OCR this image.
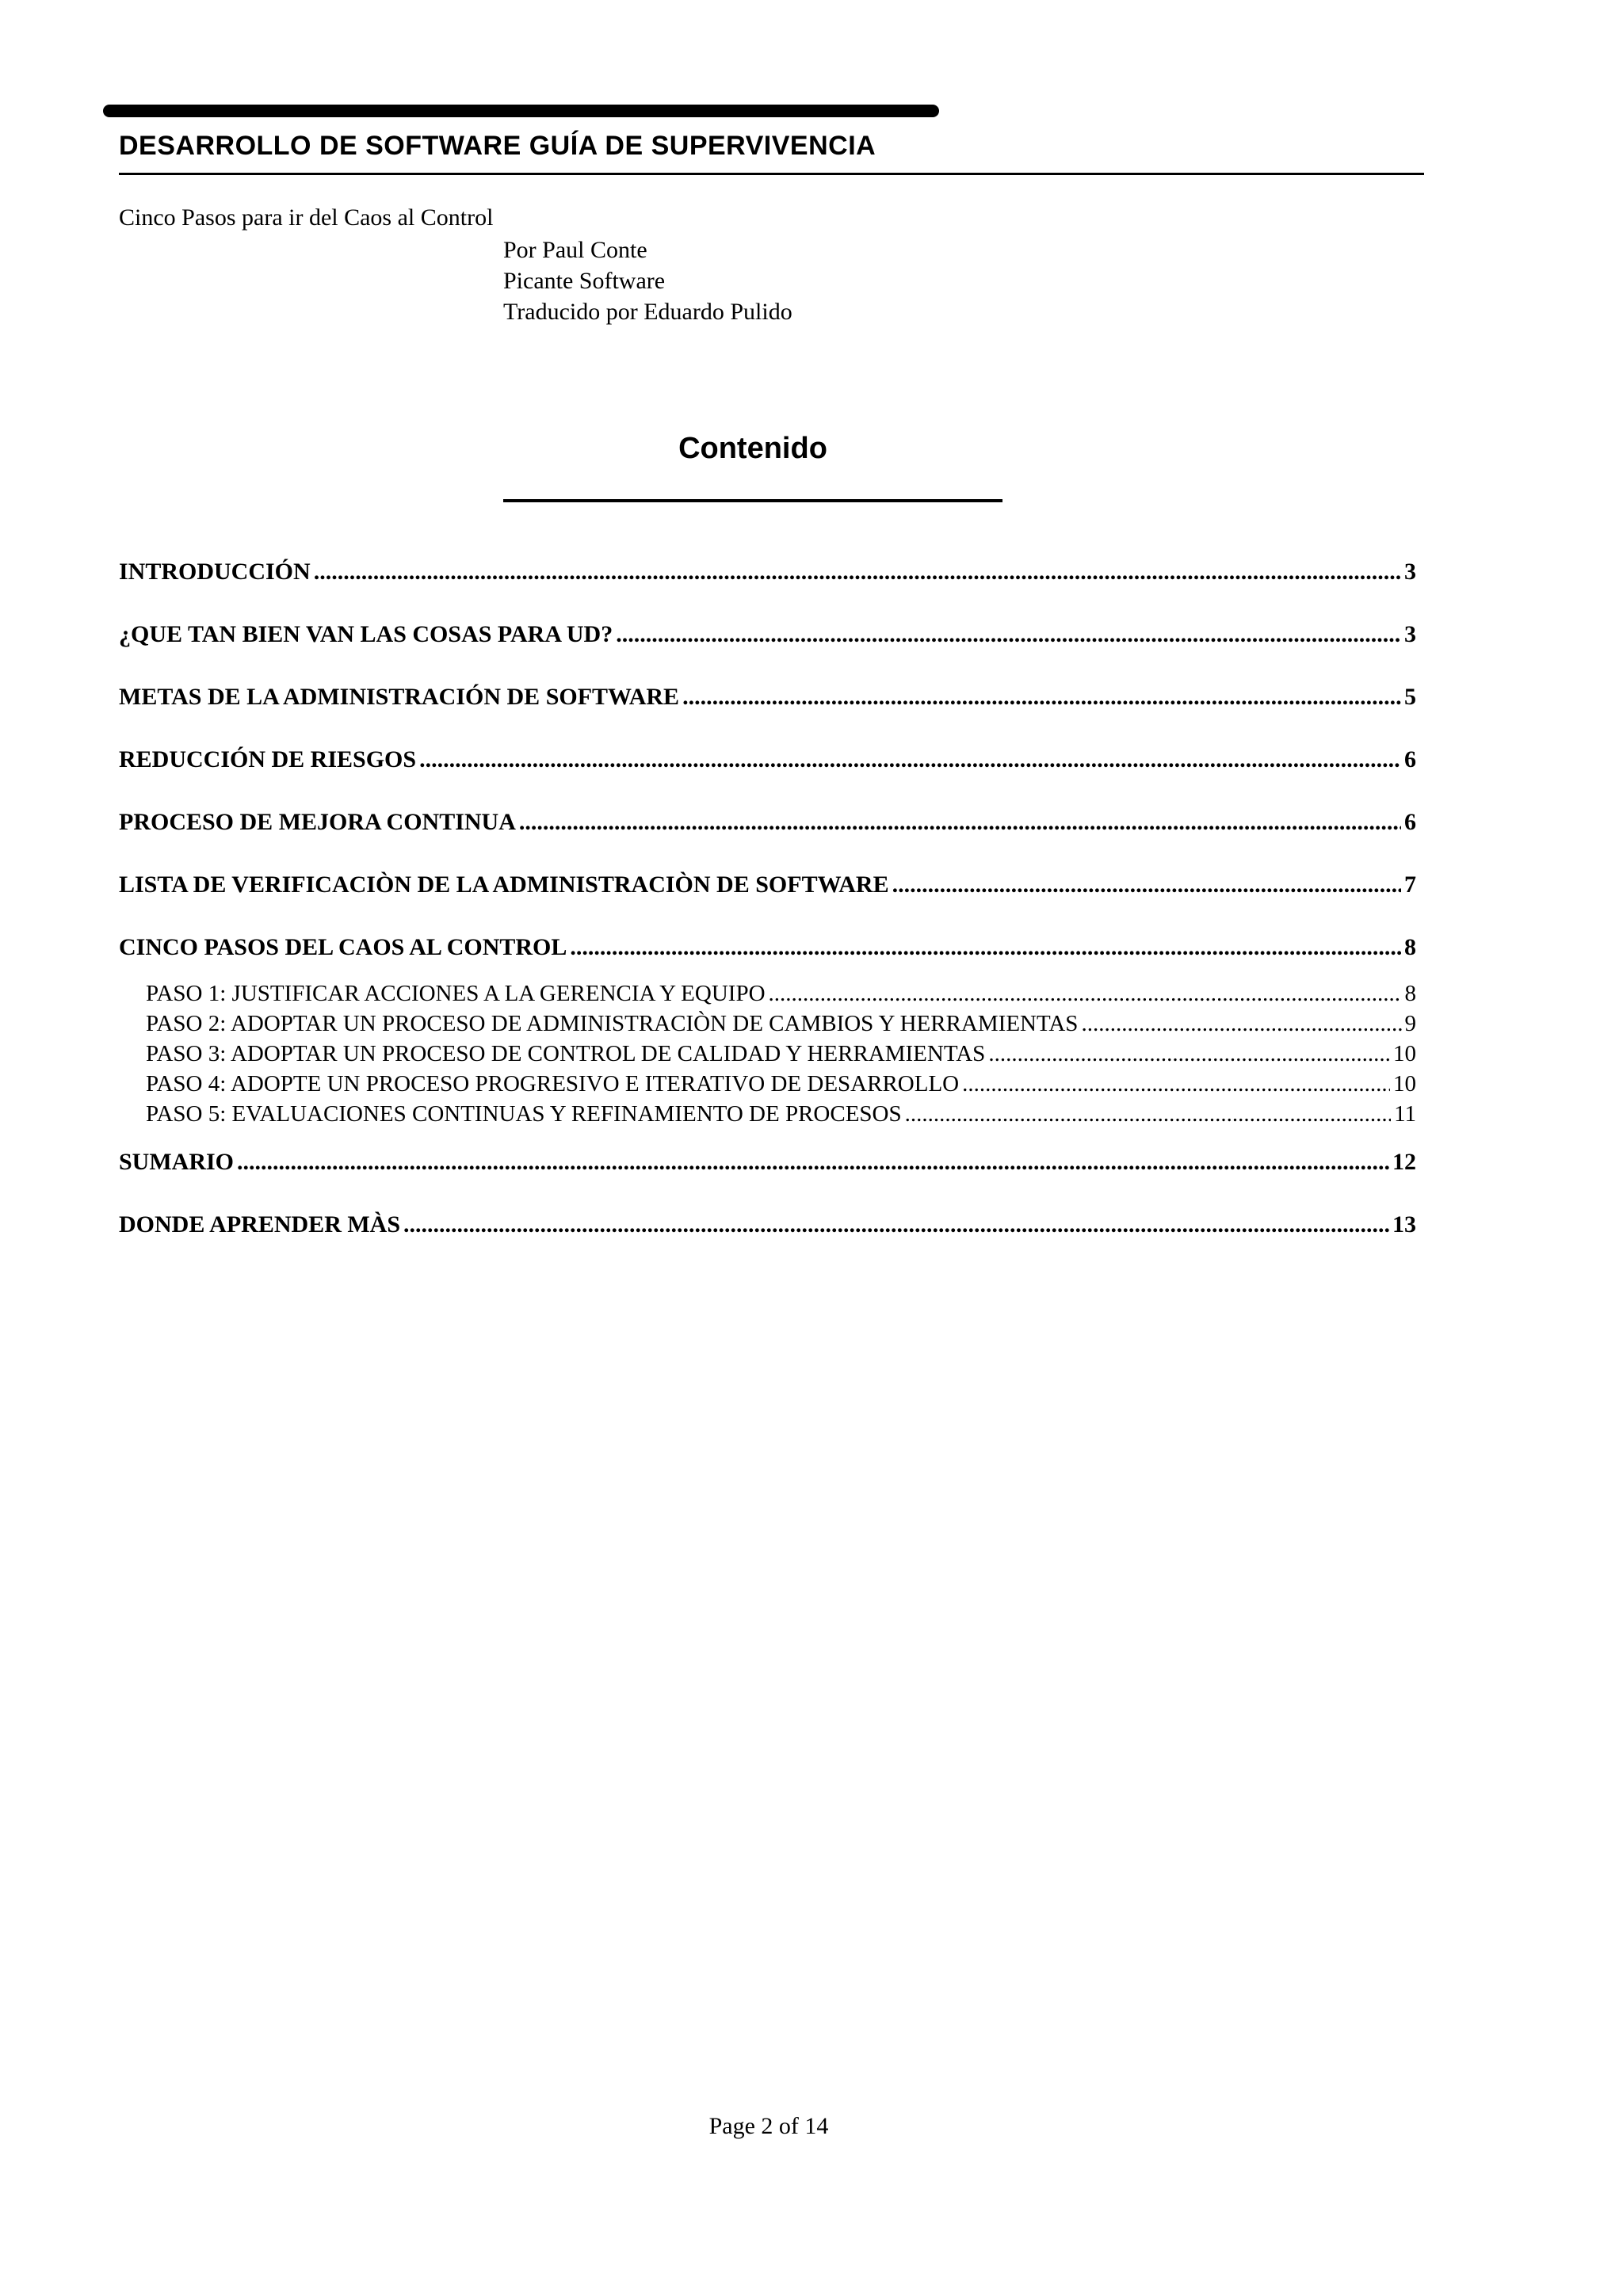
DESARROLLO DE SOFTWARE GUÍA DE SUPERVIVENCIA
Cinco Pasos para ir del Caos al Control
Por Paul Conte
Picante Software
Traducido por Eduardo Pulido
Contenido
INTRODUCCIÓN .....	3
¿QUE TAN BIEN VAN LAS COSAS PARA UD? .....	3
METAS DE LA ADMINISTRACIÓN DE SOFTWARE .....	5
REDUCCIÓN DE RIESGOS .....	6
PROCESO DE MEJORA CONTINUA .....	6
LISTA DE VERIFICACIÒN DE LA ADMINISTRACIÒN DE SOFTWARE .....	7
CINCO PASOS DEL CAOS AL CONTROL .....	8
PASO 1: JUSTIFICAR ACCIONES A LA GERENCIA Y EQUIPO .....	8
PASO 2: ADOPTAR UN PROCESO DE ADMINISTRACIÒN DE CAMBIOS Y HERRAMIENTAS .....	9
PASO 3: ADOPTAR UN PROCESO DE CONTROL DE CALIDAD Y HERRAMIENTAS .....	10
PASO 4: ADOPTE UN PROCESO PROGRESIVO E ITERATIVO DE DESARROLLO .....	10
PASO 5: EVALUACIONES CONTINUAS Y REFINAMIENTO DE PROCESOS .....	11
SUMARIO .....	12
DONDE APRENDER MÀS .....	13
Page 2 of 14
